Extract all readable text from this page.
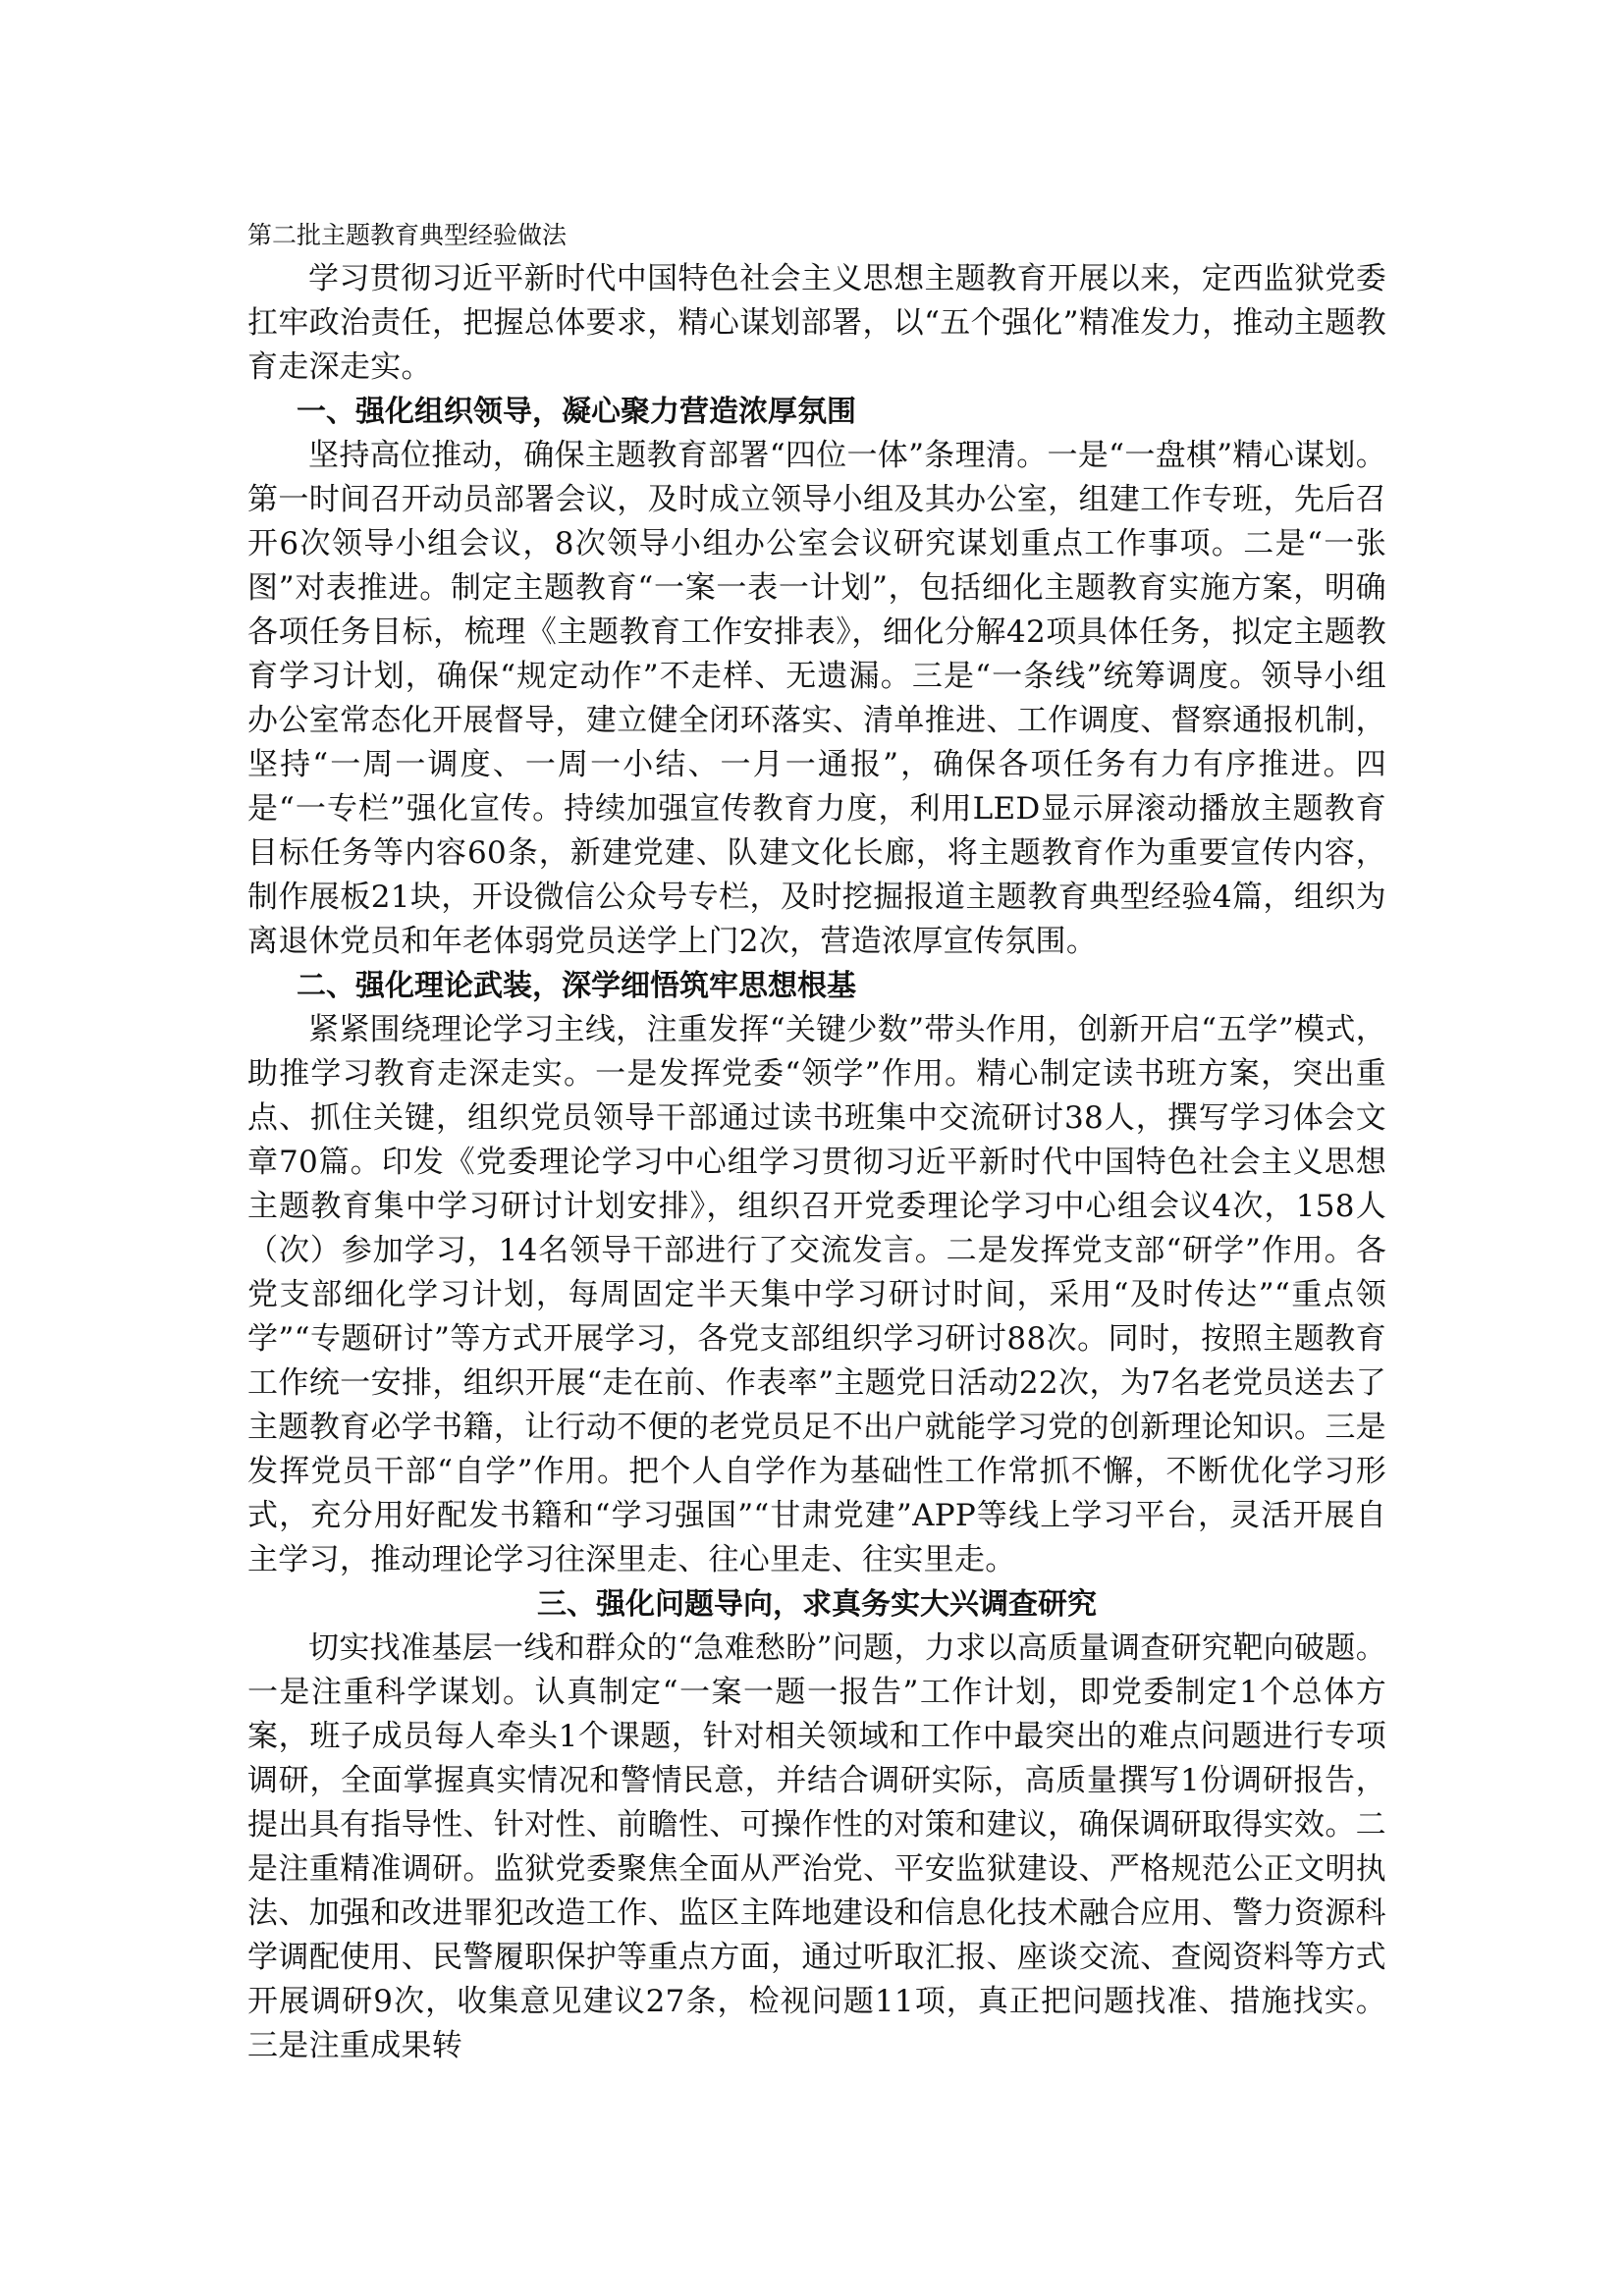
第二批主题教育典型经验做法

学习贯彻习近平新时代中国特色社会主义思想主题教育开展以来，定西监狱党委扛牢政治责任，把握总体要求，精心谋划部署，以“五个强化”精准发力，推动主题教育走深走实。

一、强化组织领导，凝心聚力营造浓厚氛围

坚持高位推动，确保主题教育部署“四位一体”条理清。一是“一盘棋”精心谋划。第一时间召开动员部署会议，及时成立领导小组及其办公室，组建工作专班，先后召开6次领导小组会议，8次领导小组办公室会议研究谋划重点工作事项。二是“一张图”对表推进。制定主题教育“一案一表一计划”，包括细化主题教育实施方案，明确各项任务目标，梳理《主题教育工作安排表》，细化分解42项具体任务，拟定主题教育学习计划，确保“规定动作”不走样、无遗漏。三是“一条线”统筹调度。领导小组办公室常态化开展督导，建立健全闭环落实、清单推进、工作调度、督察通报机制，坚持“一周一调度、一周一小结、一月一通报”，确保各项任务有力有序推进。四是“一专栏”强化宣传。持续加强宣传教育力度，利用LED显示屏滚动播放主题教育目标任务等内容60条，新建党建、队建文化长廊，将主题教育作为重要宣传内容，制作展板21块，开设微信公众号专栏，及时挖掘报道主题教育典型经验4篇，组织为离退休党员和年老体弱党员送学上门2次，营造浓厚宣传氛围。

二、强化理论武装，深学细悟筑牢思想根基

紧紧围绕理论学习主线，注重发挥“关键少数”带头作用，创新开启“五学”模式，助推学习教育走深走实。一是发挥党委“领学”作用。精心制定读书班方案，突出重点、抓住关键，组织党员领导干部通过读书班集中交流研讨38人，撰写学习体会文章70篇。印发《党委理论学习中心组学习贯彻习近平新时代中国特色社会主义思想主题教育集中学习研讨计划安排》，组织召开党委理论学习中心组会议4次，158人（次）参加学习，14名领导干部进行了交流发言。二是发挥党支部“研学”作用。各党支部细化学习计划，每周固定半天集中学习研讨时间，采用“及时传达”“重点领学”“专题研讨”等方式开展学习，各党支部组织学习研讨88次。同时，按照主题教育工作统一安排，组织开展“走在前、作表率”主题党日活动22次，为7名老党员送去了主题教育必学书籍，让行动不便的老党员足不出户就能学习党的创新理论知识。三是发挥党员干部“自学”作用。把个人自学作为基础性工作常抓不懈，不断优化学习形式，充分用好配发书籍和“学习强国”“甘肃党建”APP等线上学习平台，灵活开展自主学习，推动理论学习往深里走、往心里走、往实里走。

三、强化问题导向，求真务实大兴调查研究

切实找准基层一线和群众的“急难愁盼”问题，力求以高质量调查研究靶向破题。一是注重科学谋划。认真制定“一案一题一报告”工作计划，即党委制定1个总体方案，班子成员每人牵头1个课题，针对相关领域和工作中最突出的难点问题进行专项调研，全面掌握真实情况和警情民意，并结合调研实际，高质量撰写1份调研报告，提出具有指导性、针对性、前瞻性、可操作性的对策和建议，确保调研取得实效。二是注重精准调研。监狱党委聚焦全面从严治党、平安监狱建设、严格规范公正文明执法、加强和改进罪犯改造工作、监区主阵地建设和信息化技术融合应用、警力资源科学调配使用、民警履职保护等重点方面，通过听取汇报、座谈交流、查阅资料等方式开展调研9次，收集意见建议27条，检视问题11项，真正把问题找准、措施找实。三是注重成果转
